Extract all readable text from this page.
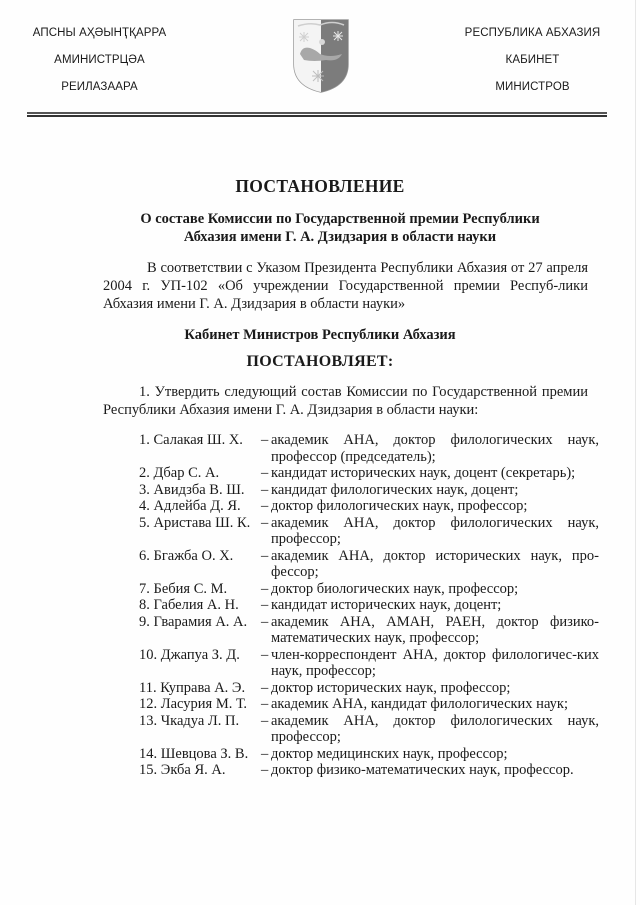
АПСНЫ АҲӘЫНҬҚАРРА
АМИНИСТРЦӘА
РЕИЛАЗААРА
РЕСПУБЛИКА АБХАЗИЯ
КАБИНЕТ
МИНИСТРОВ
ПОСТАНОВЛЕНИЕ
О составе Комиссии по Государственной премии Республики
Абхазия имени Г. А. Дзидзария в области науки
В соответствии с Указом Президента Республики Абхазия от 27 апреля 2004 г. УП-102 «Об учреждении Государственной премии Респуб-лики Абхазия имени Г. А. Дзидзария в области науки»
Кабинет Министров Республики Абхазия
ПОСТАНОВЛЯЕТ:
1. Утвердить следующий состав Комиссии по Государственной премии Республики Абхазия имени Г. А. Дзидзария в области науки:
1. Салакая Ш. Х.	– академик АНА, доктор филологических наук, профессор (председатель);
2. Дбар С. А.	– кандидат исторических наук, доцент (секретарь);
3. Авидзба В. Ш.	– кандидат филологических наук, доцент;
4. Адлейба Д. Я.	– доктор филологических наук, профессор;
5. Аристава Ш. К. – академик АНА, доктор филологических наук, профессор;
6. Бгажба О. Х.	– академик АНА, доктор исторических наук, про-фессор;
7. Бебия С. М.	– доктор биологических наук, профессор;
8. Габелия А. Н.	– кандидат исторических наук, доцент;
9. Гварамия А. А. – академик АНА, АМАН, РАЕН, доктор физико-математических наук, профессор;
10. Джапуа З. Д.	– член-корреспондент АНА, доктор филологичес-ких наук, профессор;
11. Куправа А. Э.	– доктор исторических наук, профессор;
12. Ласурия М. Т. – академик АНА, кандидат филологических наук;
13. Чкадуа Л. П.	– академик АНА, доктор филологических наук, профессор;
14. Шевцова З. В. – доктор медицинских наук, профессор;
15. Экба Я. А.	– доктор физико-математических наук, профессор.
